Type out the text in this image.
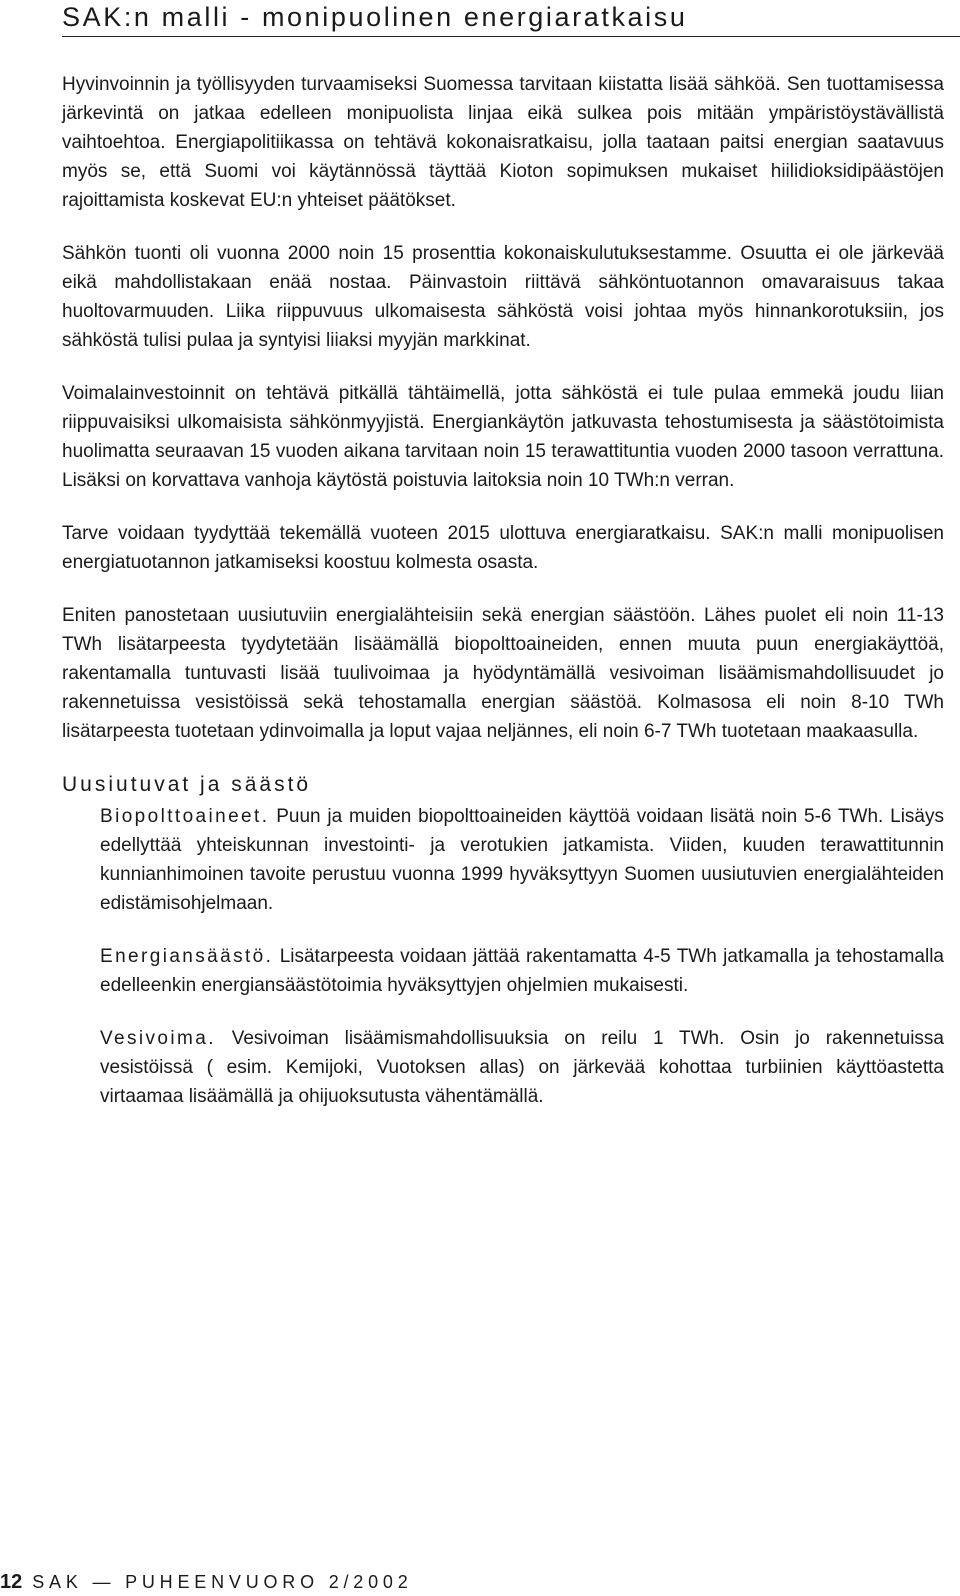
SAK:n malli - monipuolinen energiaratkaisu

Hyvinvoinnin ja työllisyyden turvaamiseksi Suomessa tarvitaan kiistatta lisää sähköä. Sen tuottamisessa järkevintä on jatkaa edelleen monipuolista linjaa eikä sulkea pois mitään ympäristöystävällistä vaihtoehtoa. Energiapolitiikassa on tehtävä kokonaisratkaisu, jolla taataan paitsi energian saatavuus myös se, että Suomi voi käytännössä täyttää Kioton sopimuksen mukaiset hiilidioksidipäästöjen rajoittamista koskevat EU:n yhteiset päätökset.

Sähkön tuonti oli vuonna 2000 noin 15 prosenttia kokonaiskulutuksestamme. Osuutta ei ole järkevää eikä mahdollistakaan enää nostaa. Päinvastoin riittävä sähköntuotannon omavaraisuus takaa huoltovarmuuden. Liika riippuvuus ulkomaisesta sähköstä voisi johtaa myös hinnankorotuksiin, jos sähköstä tulisi pulaa ja syntyisi liiaksi myyjän markkinat.

Voimalainvestoinnit on tehtävä pitkällä tähtäimellä, jotta sähköstä ei tule pulaa emmekä joudu liian riippuvaisiksi ulkomaisista sähkönmyyjistä. Energiankäytön jatkuvasta tehostumisesta ja säästötoimista huolimatta seuraavan 15 vuoden aikana tarvitaan noin 15 terawattituntia vuoden 2000 tasoon verrattuna. Lisäksi on korvattava vanhoja käytöstä poistuvia laitoksia noin 10 TWh:n verran.

Tarve voidaan tyydyttää tekemällä vuoteen 2015 ulottuva energiaratkaisu. SAK:n malli monipuolisen energiatuotannon jatkamiseksi koostuu kolmesta osasta.

Eniten panostetaan uusiutuviin energialähteisiin sekä energian säästöön. Lähes puolet eli noin 11-13 TWh lisätarpeesta tyydytetään lisäämällä biopolttoaineiden, ennen muuta puun energiakäyttöä, rakentamalla tuntuvasti lisää tuulivoimaa ja hyödyntämällä vesivoiman lisäämismahdollisuudet jo rakennetuissa vesistöissä sekä tehostamalla energian säästöä. Kolmasosa eli noin 8-10 TWh lisätarpeesta tuotetaan ydinvoimalla ja loput vajaa neljännes, eli noin 6-7 TWh tuotetaan maakaasulla.

Uusiutuvat ja säästö

Biopolttoaineet. Puun ja muiden biopolttoaineiden käyttöä voidaan lisätä noin 5-6 TWh. Lisäys edellyttää yhteiskunnan investointi- ja verotukien jatkamista. Viiden, kuuden terawattitunnin kunnianhimoinen tavoite perustuu vuonna 1999 hyväksyttyyn Suomen uusiutuvien energialähteiden edistämisohjelmaan.

Energiansäästö. Lisätarpeesta voidaan jättää rakentamatta 4-5 TWh jatkamalla ja tehostamalla edelleenkin energiansäästötoimia hyväksyttyjen ohjelmien mukaisesti.

Vesivoima. Vesivoiman lisäämismahdollisuuksia on reilu 1 TWh. Osin jo rakennetuissa vesistöissä ( esim. Kemijoki, Vuotoksen allas) on järkevää kohottaa turbiinien käyttöastetta virtaamaa lisäämällä ja ohijuoksutusta vähentämällä.

12 SAK — PUHEENVUORO 2/2002
